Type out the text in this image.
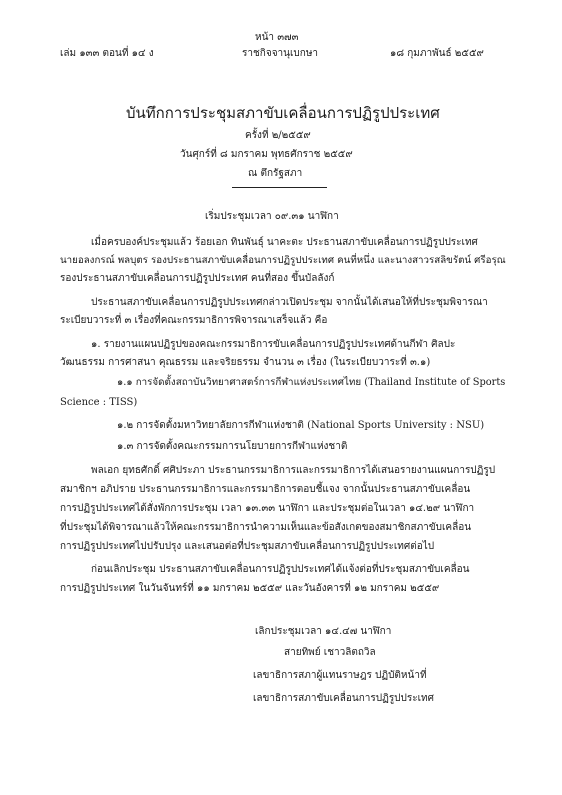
หน้า ๓๗๓
เล่ม ๑๓๓ ตอนที่ ๑๔ ง	ราชกิจจานุเบกษา	๑๘ กุมภาพันธ์ ๒๕๕๙
บันทึกการประชุมสภาขับเคลื่อนการปฏิรูปประเทศ
ครั้งที่ ๒/๒๕๕๙
วันศุกร์ที่ ๘ มกราคม พุทธศักราช ๒๕๕๙
ณ ตึกรัฐสภา
เริ่มประชุมเวลา ๐๙.๓๑ นาฬิกา
เมื่อครบองค์ประชุมแล้ว ร้อยเอก ทินพันธุ์ นาคะตะ ประธานสภาขับเคลื่อนการปฏิรูปประเทศ
นายอลงกรณ์ พลบุตร รองประธานสภาขับเคลื่อนการปฏิรูปประเทศ คนที่หนึ่ง และนางสาวรสลิขรัตน์ ศรีอรุณ
รองประธานสภาขับเคลื่อนการปฏิรูปประเทศ คนที่สอง ขึ้นบัลลังก์
ประธานสภาขับเคลื่อนการปฏิรูปประเทศกล่าวเปิดประชุม จากนั้นได้เสนอให้ที่ประชุมพิจารณา
ระเบียบวาระที่ ๓ เรื่องที่คณะกรรมาธิการพิจารณาเสร็จแล้ว คือ
๑. รายงานแผนปฏิรูปของคณะกรรมาธิการขับเคลื่อนการปฏิรูปประเทศด้านกีฬา ศิลปะ
วัฒนธรรม การศาสนา คุณธรรม และจริยธรรม จำนวน ๓ เรื่อง (ในระเบียบวาระที่ ๓.๑)
๑.๑ การจัดตั้งสถาบันวิทยาศาสตร์การกีฬาแห่งประเทศไทย (Thailand Institute of Sports
Science : TISS)
๑.๒ การจัดตั้งมหาวิทยาลัยการกีฬาแห่งชาติ (National Sports University : NSU)
๑.๓ การจัดตั้งคณะกรรมการนโยบายการกีฬาแห่งชาติ
พลเอก ยุทธศักดิ์ ศศิประภา ประธานกรรมาธิการและกรรมาธิการได้เสนอรายงานแผนการปฏิรูป
สมาชิกฯ อภิปราย ประธานกรรมาธิการและกรรมาธิการตอบชี้แจง จากนั้นประธานสภาขับเคลื่อน
การปฏิรูปประเทศได้สั่งพักการประชุม เวลา ๑๓.๓๓ นาฬิกา และประชุมต่อในเวลา ๑๔.๒๙ นาฬิกา
ที่ประชุมได้พิจารณาแล้วให้คณะกรรมาธิการนำความเห็นและข้อสังเกตของสมาชิกสภาขับเคลื่อน
การปฏิรูปประเทศไปปรับปรุง และเสนอต่อที่ประชุมสภาขับเคลื่อนการปฏิรูปประเทศต่อไป
ก่อนเลิกประชุม ประธานสภาขับเคลื่อนการปฏิรูปประเทศได้แจ้งต่อที่ประชุมสภาขับเคลื่อน
การปฏิรูปประเทศ ในวันจันทร์ที่ ๑๑ มกราคม ๒๕๕๙ และวันอังคารที่ ๑๒ มกราคม ๒๕๕๙
เลิกประชุมเวลา ๑๔.๔๗ นาฬิกา
สายทิพย์ เชาวลิตถวิล
เลขาธิการสภาผู้แทนราษฎร ปฏิบัติหน้าที่
เลขาธิการสภาขับเคลื่อนการปฏิรูปประเทศ
